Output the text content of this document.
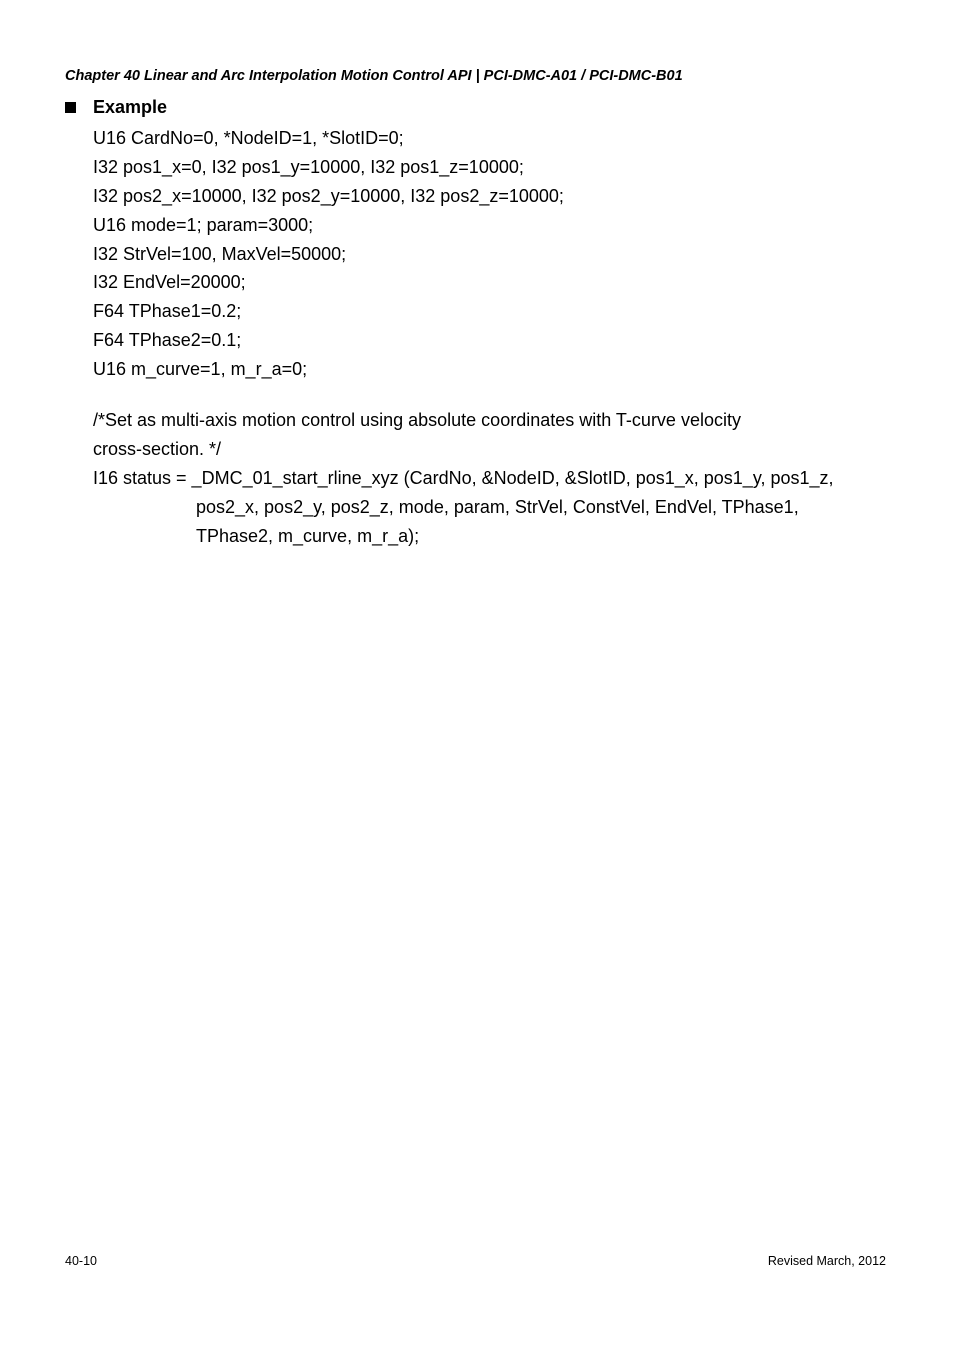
Chapter 40 Linear and Arc Interpolation Motion Control API | PCI-DMC-A01 / PCI-DMC-B01
Example
U16 CardNo=0, *NodeID=1, *SlotID=0;
I32 pos1_x=0, I32 pos1_y=10000, I32 pos1_z=10000;
I32 pos2_x=10000, I32 pos2_y=10000, I32 pos2_z=10000;
U16 mode=1; param=3000;
I32 StrVel=100, MaxVel=50000;
I32 EndVel=20000;
F64 TPhase1=0.2;
F64 TPhase2=0.1;
U16 m_curve=1, m_r_a=0;
/*Set as multi-axis motion control using absolute coordinates with T-curve velocity
cross-section. */
I16 status = _DMC_01_start_rline_xyz (CardNo, &NodeID, &SlotID, pos1_x, pos1_y, pos1_z,
pos2_x, pos2_y, pos2_z, mode, param, StrVel, ConstVel, EndVel, TPhase1,
TPhase2, m_curve, m_r_a);
40-10	Revised March, 2012
